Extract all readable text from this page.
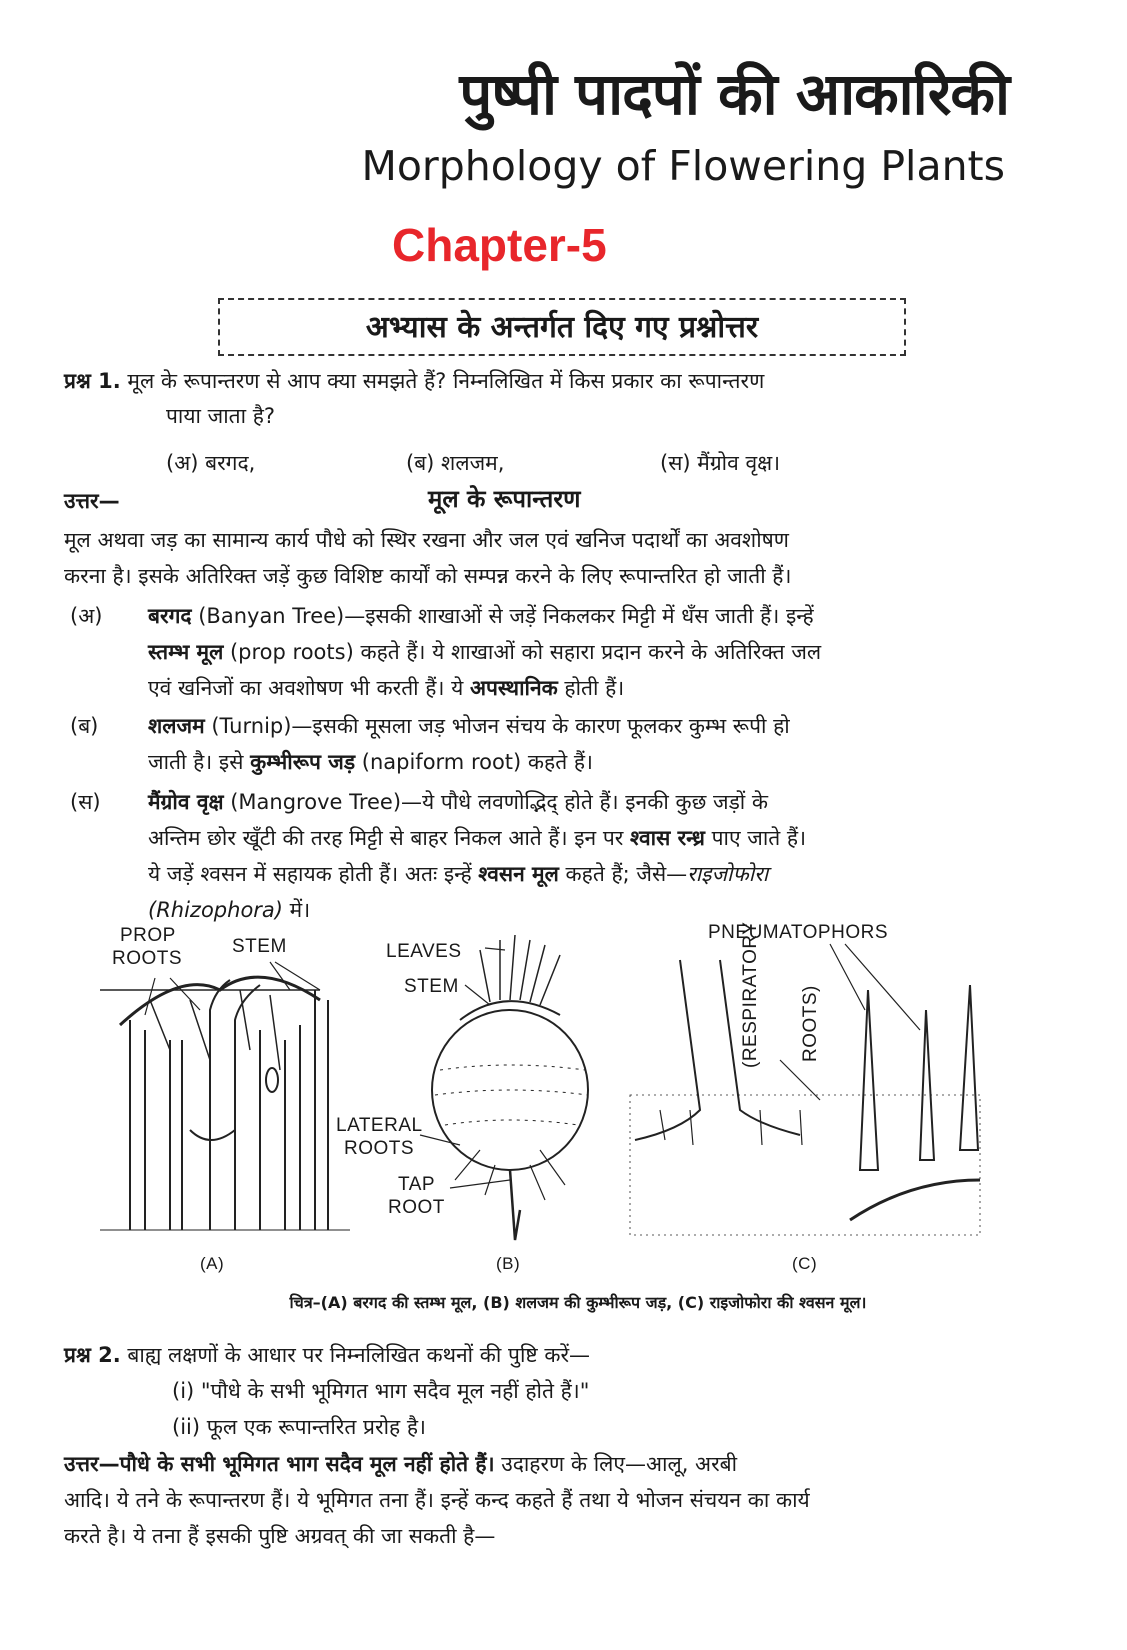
पुष्पी पादपों की आकारिकी
Morphology of Flowering Plants
Chapter-5
अभ्यास के अन्तर्गत दिए गए प्रश्नोत्तर
प्रश्न 1. मूल के रूपान्तरण से आप क्या समझते हैं? निम्नलिखित में किस प्रकार का रूपान्तरण
पाया जाता है?
(अ) बरगद,	(ब) शलजम,	(स) मैंग्रोव वृक्ष।
उत्तर—	मूल के रूपान्तरण
मूल अथवा जड़ का सामान्य कार्य पौधे को स्थिर रखना और जल एवं खनिज पदार्थों का अवशोषण
करना है। इसके अतिरिक्त जड़ें कुछ विशिष्ट कार्यों को सम्पन्न करने के लिए रूपान्तरित हो जाती हैं।
(अ) बरगद (Banyan Tree)—इसकी शाखाओं से जड़ें निकलकर मिट्टी में धँस जाती हैं। इन्हें
स्तम्भ मूल (prop roots) कहते हैं। ये शाखाओं को सहारा प्रदान करने के अतिरिक्त जल
एवं खनिजों का अवशोषण भी करती हैं। ये अपस्थानिक होती हैं।
(ब) शलजम (Turnip)—इसकी मूसला जड़ भोजन संचय के कारण फूलकर कुम्भ रूपी हो
जाती है। इसे कुम्भीरूप जड़ (napiform root) कहते हैं।
(स) मैंग्रोव वृक्ष (Mangrove Tree)—ये पौधे लवणोद्भिद् होते हैं। इनकी कुछ जड़ों के
अन्तिम छोर खूँटी की तरह मिट्टी से बाहर निकल आते हैं। इन पर श्वास रन्ध्र पाए जाते हैं।
ये जड़ें श्वसन में सहायक होती हैं। अतः इन्हें श्वसन मूल कहते हैं; जैसे—राइजोफोरा
(Rhizophora) में।
PROP
ROOTS
STEM	LEAVES
STEM
LATERAL
ROOTS
TAP
ROOT
PNEUMATOPHORS
(RESPIRATORY ROOTS)
(A)	(B)	(C)
चित्र–(A) बरगद की स्तम्भ मूल, (B) शलजम की कुम्भीरूप जड़, (C) राइजोफोरा की श्वसन मूल।
प्रश्न 2. बाह्य लक्षणों के आधार पर निम्नलिखित कथनों की पुष्टि करें—
(i) "पौधे के सभी भूमिगत भाग सदैव मूल नहीं होते हैं।"
(ii) फूल एक रूपान्तरित प्ररोह है।
उत्तर—पौधे के सभी भूमिगत भाग सदैव मूल नहीं होते हैं। उदाहरण के लिए—आलू, अरबी
आदि। ये तने के रूपान्तरण हैं। ये भूमिगत तना हैं। इन्हें कन्द कहते हैं तथा ये भोजन संचयन का कार्य
करते है। ये तना हैं इसकी पुष्टि अग्रवत् की जा सकती है—
